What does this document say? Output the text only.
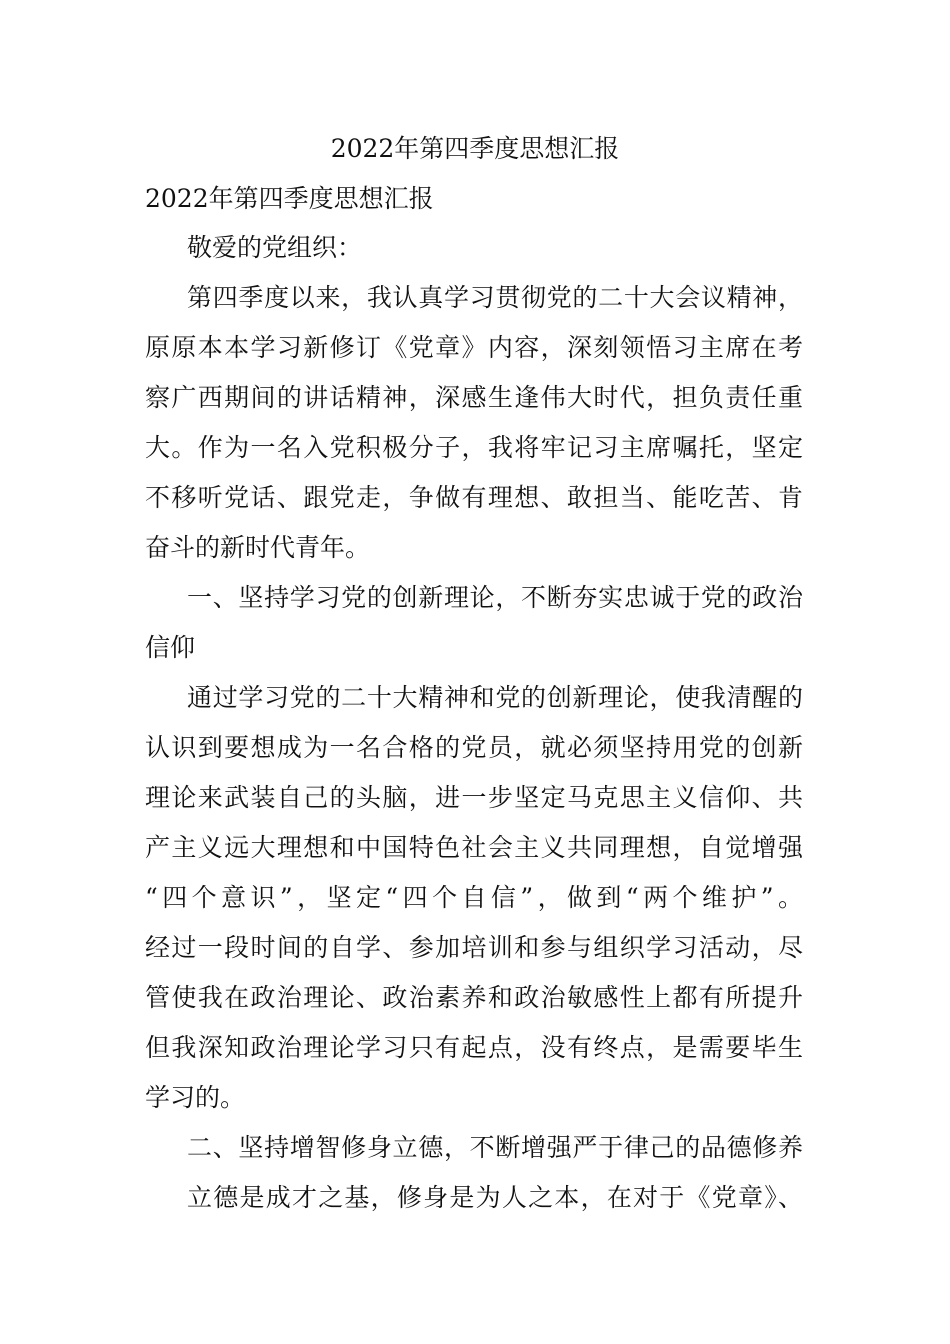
2022年第四季度思想汇报
2022年第四季度思想汇报
敬爱的党组织：
第四季度以来，我认真学习贯彻党的二十大会议精神，
原原本本学习新修订《党章》内容，深刻领悟习主席在考
察广西期间的讲话精神，深感生逢伟大时代，担负责任重
大。作为一名入党积极分子，我将牢记习主席嘱托，坚定
不移听党话、跟党走，争做有理想、敢担当、能吃苦、肯
奋斗的新时代青年。
一、坚持学习党的创新理论，不断夯实忠诚于党的政治
信仰
通过学习党的二十大精神和党的创新理论，使我清醒的
认识到要想成为一名合格的党员，就必须坚持用党的创新
理论来武装自己的头脑，进一步坚定马克思主义信仰、共
产主义远大理想和中国特色社会主义共同理想，自觉增强
“四个意识”，坚定“四个自信”，做到“两个维护”。
经过一段时间的自学、参加培训和参与组织学习活动，尽
管使我在政治理论、政治素养和政治敏感性上都有所提升
但我深知政治理论学习只有起点，没有终点，是需要毕生
学习的。
二、坚持增智修身立德，不断增强严于律己的品德修养
立德是成才之基，修身是为人之本，在对于《党章》、
